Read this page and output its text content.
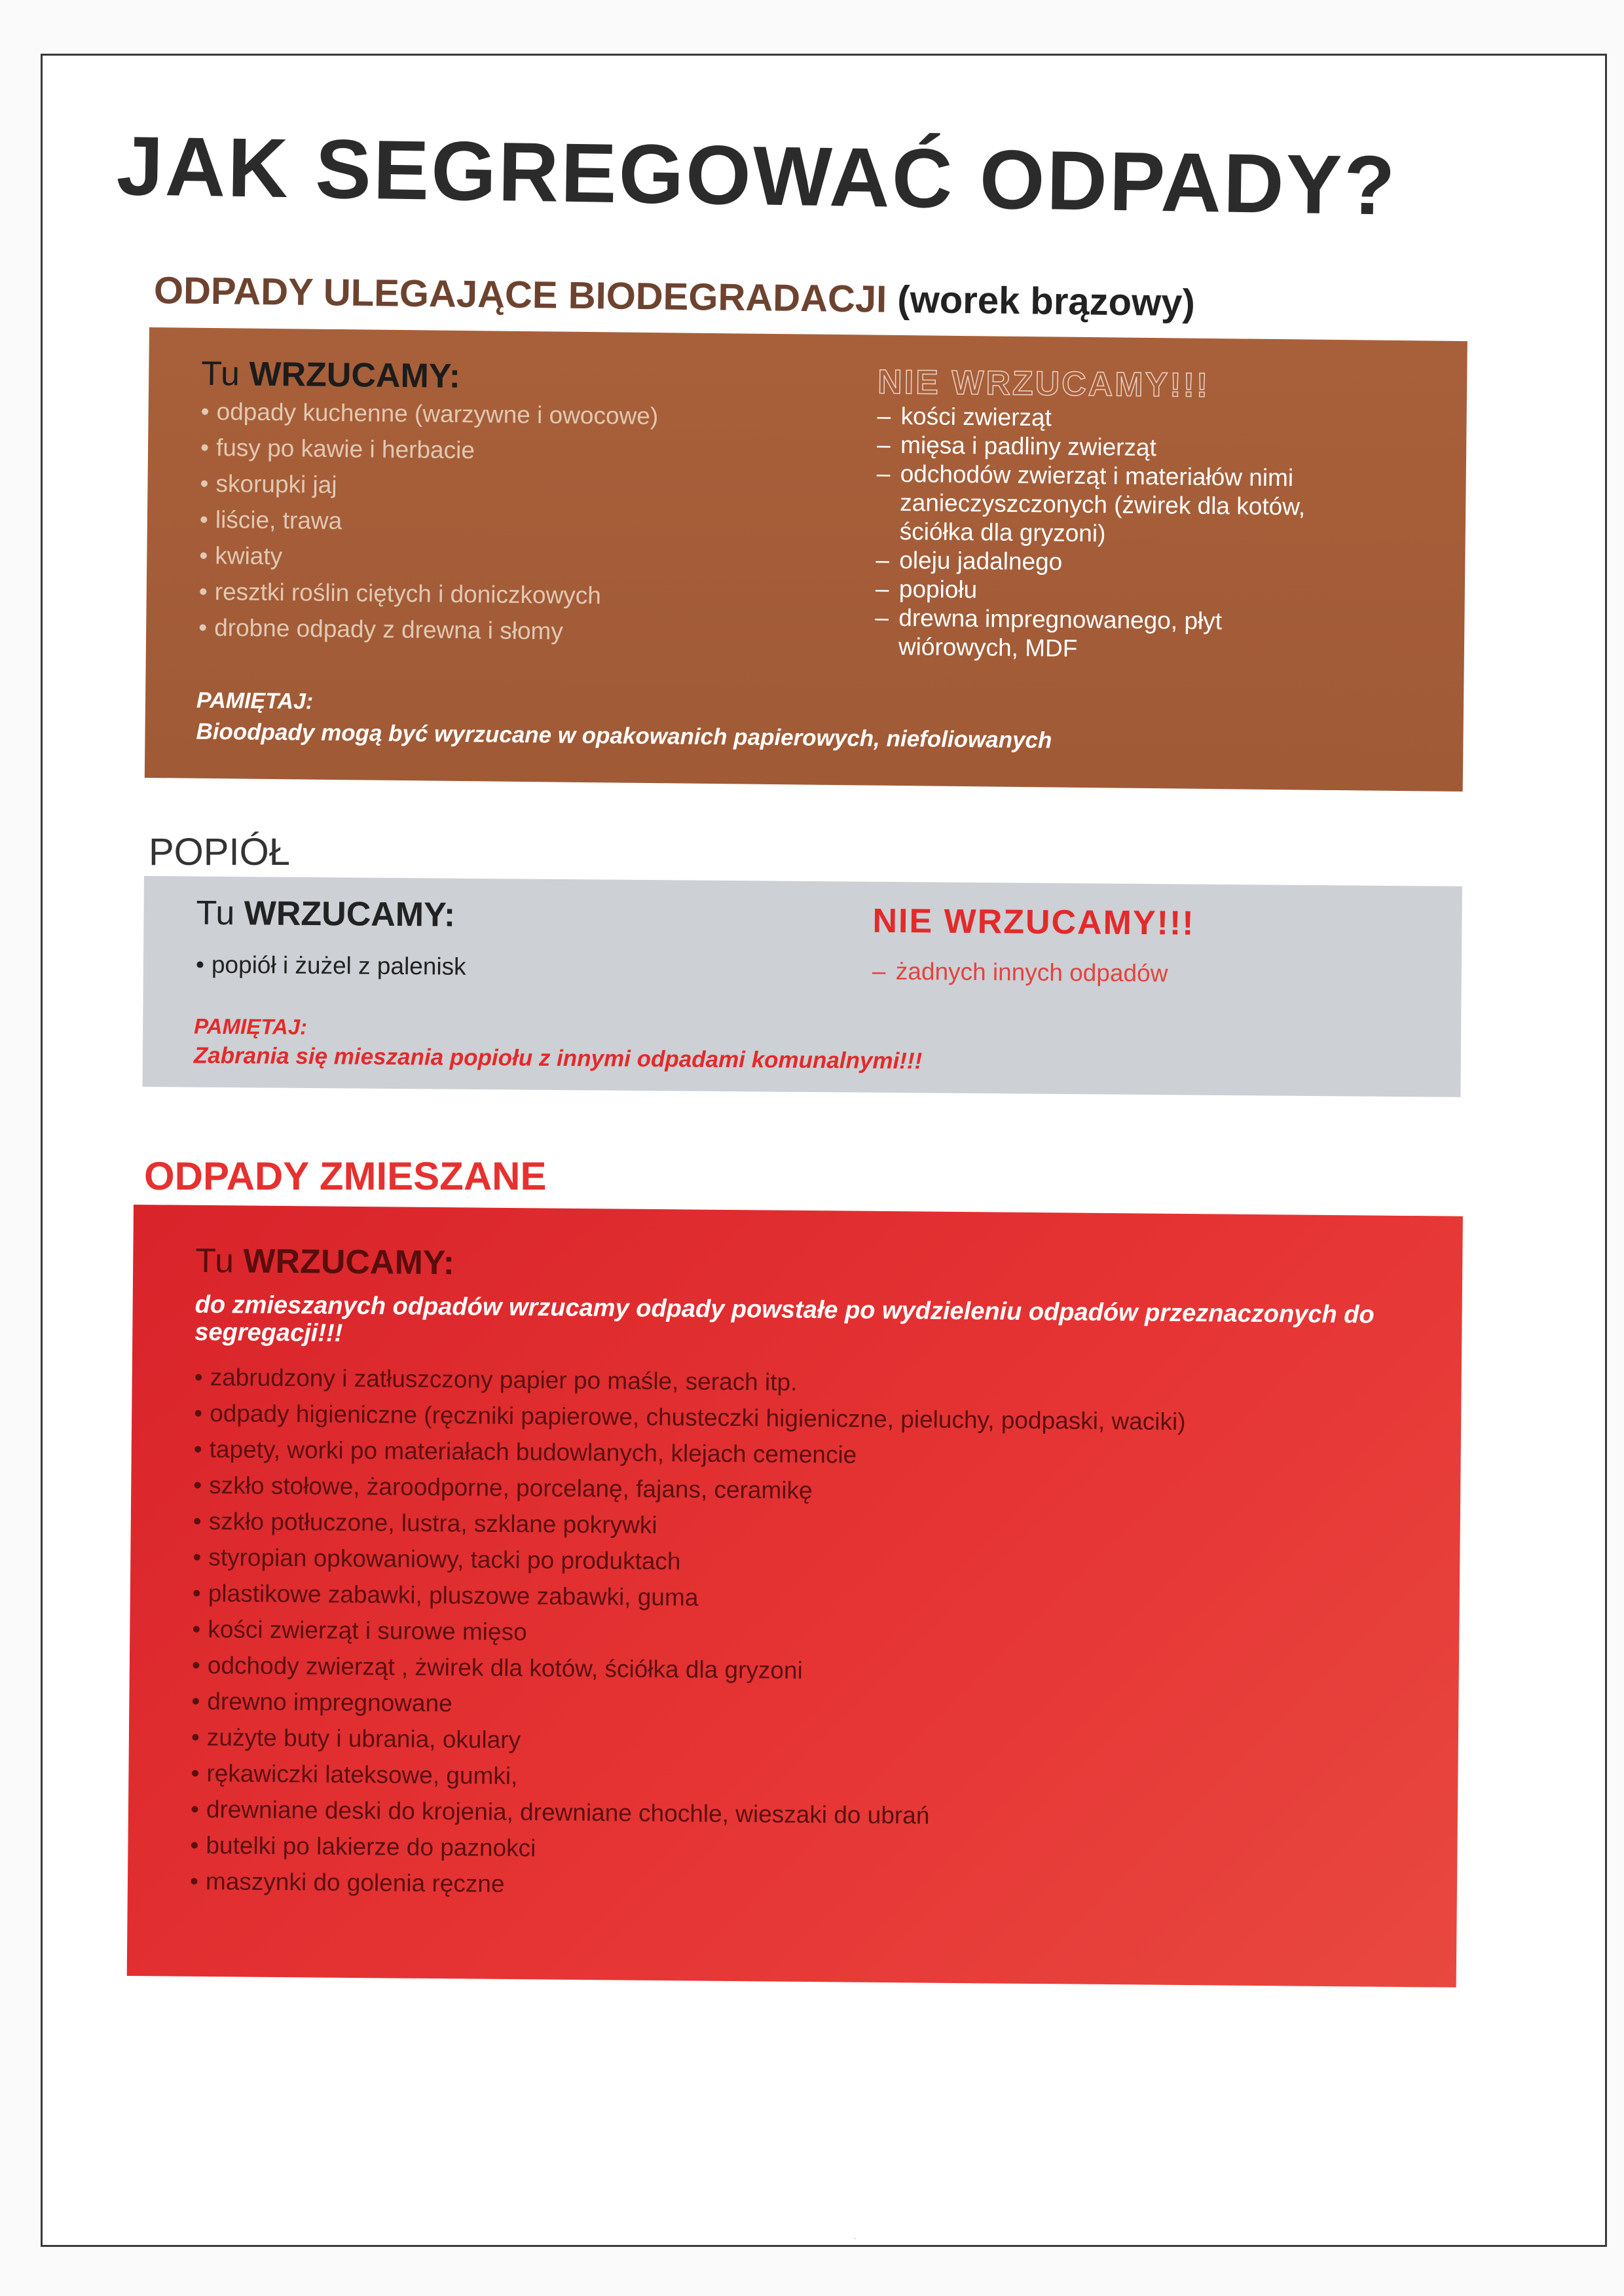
JAK SEGREGOWAĆ ODPADY?
ODPADY ULEGAJĄCE BIODEGRADACJI (worek brązowy)

Tu WRZUCAMY:

• odpady kuchenne (warzywne i owocowe)
• fusy po kawie i herbacie
• skorupki jaj
• liście, trawa
• kwiaty
• resztki roślin ciętych i doniczkowych
• drobne odpady z drewna i słomy

NIE WRZUCAMY!!!

– kości zwierząt
– mięsa i padliny zwierząt
– odchodów zwierząt i materiałów nimi zanieczyszczonych (żwirek dla kotów, ściółka dla gryzoni)
– oleju jadalnego
– popiołu
– drewna impregnowanego, płyt wiórowych, MDF
PAMIĘTAJ:
Bioodpady mogą być wyrzucane w opakowanich papierowych, niefoliowanych
POPIÓŁ

Tu WRZUCAMY:

• popiół i żużel z palenisk

NIE WRZUCAMY!!!

– żadnych innych odpadów
PAMIĘTAJ:
Zabrania się mieszania popiołu z innymi odpadami komunalnymi!!!
ODPADY ZMIESZANE

Tu WRZUCAMY:

do zmieszanych odpadów wrzucamy odpady powstałe po wydzieleniu odpadów przeznaczonych do segregacji!!!
• zabrudzony i zatłuszczony papier po maśle, serach itp.
• odpady higieniczne (ręczniki papierowe, chusteczki higieniczne, pieluchy, podpaski, waciki)
• tapety, worki po materiałach budowlanych, klejach cemencie
• szkło stołowe, żaroodporne, porcelanę, fajans, ceramikę
• szkło potłuczone, lustra, szklane pokrywki
• styropian opkowaniowy, tacki po produktach
• plastikowe zabawki, pluszowe zabawki, guma
• kości zwierząt i surowe mięso
• odchody zwierząt , żwirek dla kotów, ściółka dla gryzoni
• drewno impregnowane
• zużyte buty i ubrania, okulary
• rękawiczki lateksowe, gumki,
• drewniane deski do krojenia, drewniane chochle, wieszaki do ubrań
• butelki po lakierze do paznokci
• maszynki do golenia ręczne
·
